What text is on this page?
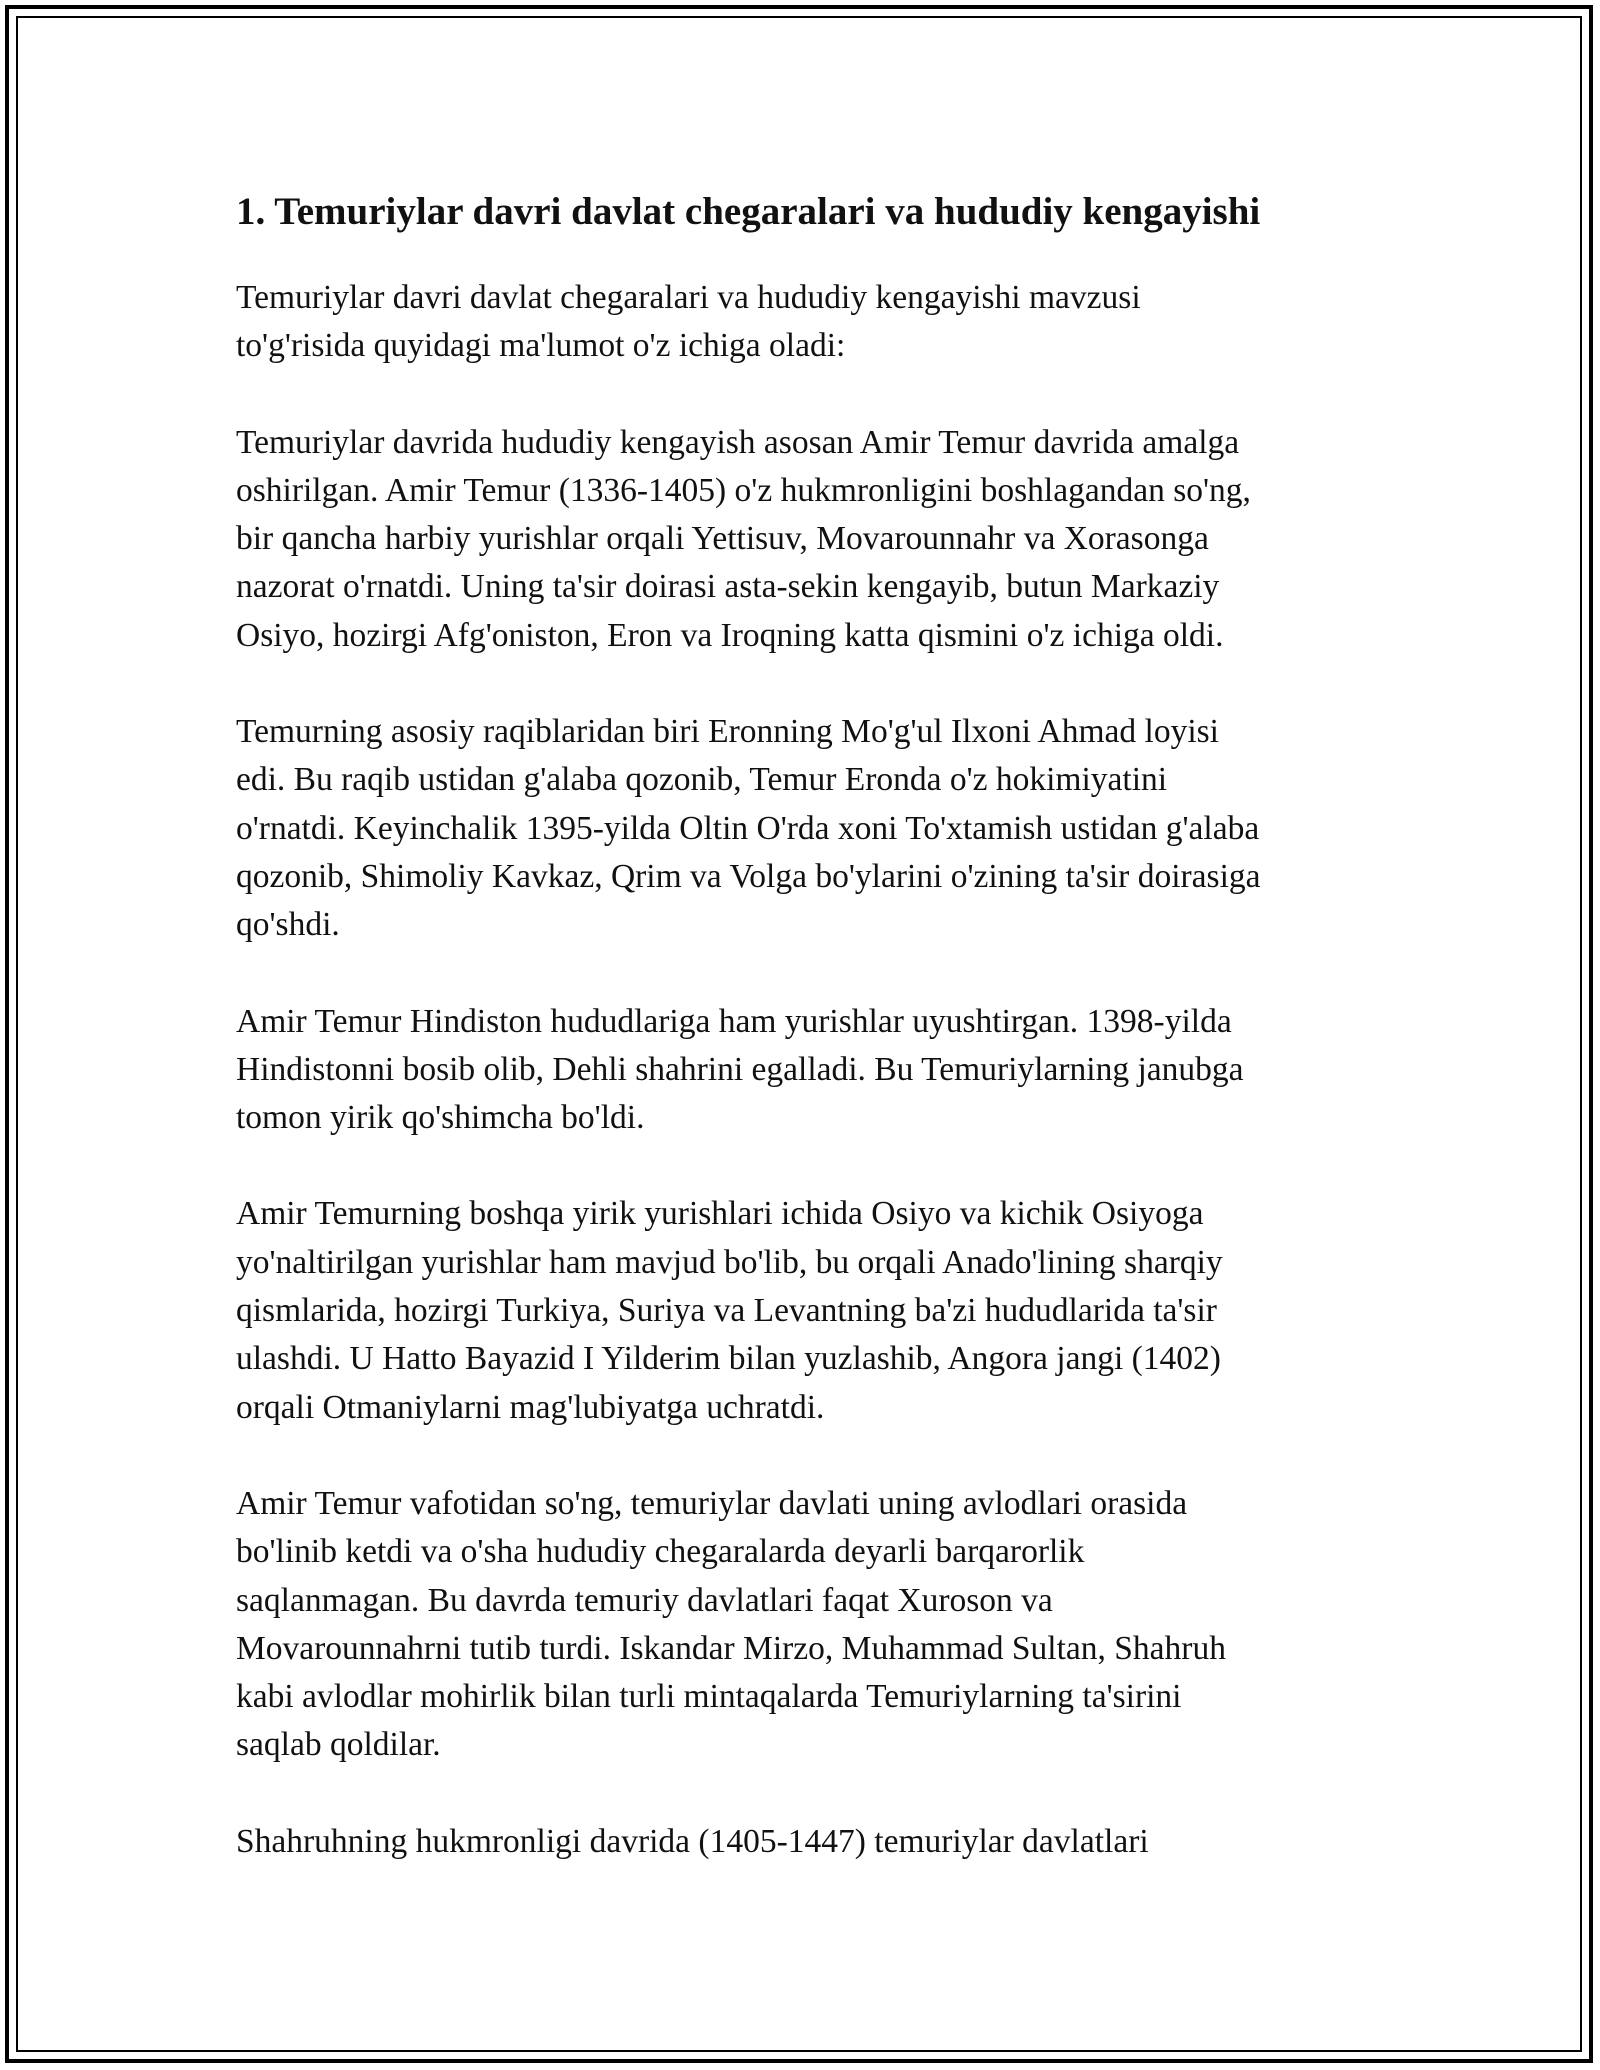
1. Temuriylar davri davlat chegaralari va hududiy kengayishi

Temuriylar davri davlat chegaralari va hududiy kengayishi mavzusi
to'g'risida quyidagi ma'lumot o'z ichiga oladi:

Temuriylar davrida hududiy kengayish asosan Amir Temur davrida amalga
oshirilgan. Amir Temur (1336-1405) o'z hukmronligini boshlagandan so'ng,
bir qancha harbiy yurishlar orqali Yettisuv, Movarounnahr va Xorasonga
nazorat o'rnatdi. Uning ta'sir doirasi asta-sekin kengayib, butun Markaziy
Osiyo, hozirgi Afg'oniston, Eron va Iroqning katta qismini o'z ichiga oldi.

Temurning asosiy raqiblaridan biri Eronning Mo'g'ul Ilxoni Ahmad loyisi
edi. Bu raqib ustidan g'alaba qozonib, Temur Eronda o'z hokimiyatini
o'rnatdi. Keyinchalik 1395-yilda Oltin O'rda xoni To'xtamish ustidan g'alaba
qozonib, Shimoliy Kavkaz, Qrim va Volga bo'ylarini o'zining ta'sir doirasiga
qo'shdi.

Amir Temur Hindiston hududlariga ham yurishlar uyushtirgan. 1398-yilda
Hindistonni bosib olib, Dehli shahrini egalladi. Bu Temuriylarning janubga
tomon yirik qo'shimcha bo'ldi.

Amir Temurning boshqa yirik yurishlari ichida Osiyo va kichik Osiyoga
yo'naltirilgan yurishlar ham mavjud bo'lib, bu orqali Anado'lining sharqiy
qismlarida, hozirgi Turkiya, Suriya va Levantning ba'zi hududlarida ta'sir
ulashdi. U Hatto Bayazid I Yilderim bilan yuzlashib, Angora jangi (1402)
orqali Otmaniylarni mag'lubiyatga uchratdi.

Amir Temur vafotidan so'ng, temuriylar davlati uning avlodlari orasida
bo'linib ketdi va o'sha hududiy chegaralarda deyarli barqarorlik
saqlanmagan. Bu davrda temuriy davlatlari faqat Xuroson va
Movarounnahrni tutib turdi. Iskandar Mirzo, Muhammad Sultan, Shahruh
kabi avlodlar mohirlik bilan turli mintaqalarda Temuriylarning ta'sirini
saqlab qoldilar.

Shahruhning hukmronligi davrida (1405-1447) temuriylar davlatlari
